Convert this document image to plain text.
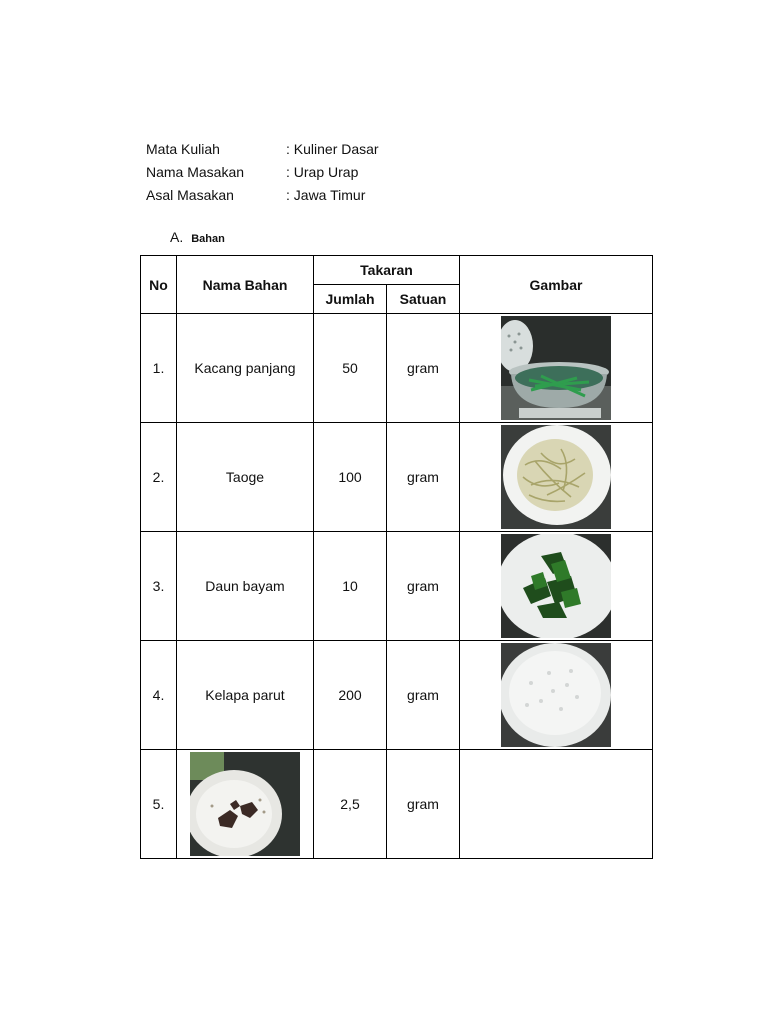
Mata Kuliah	: Kuliner Dasar
Nama Masakan	: Urap Urap
Asal Masakan	: Jawa Timur
A. Bahan
No	Nama Bahan	Takaran		Gambar
		Jumlah	Satuan	
1.	Kacang panjang	50	gram	

2.	Taoge	100	gram	

3.	Daun bayam	10	gram	

4.	Kelapa parut	200	gram	

5.		2,5	gram	
